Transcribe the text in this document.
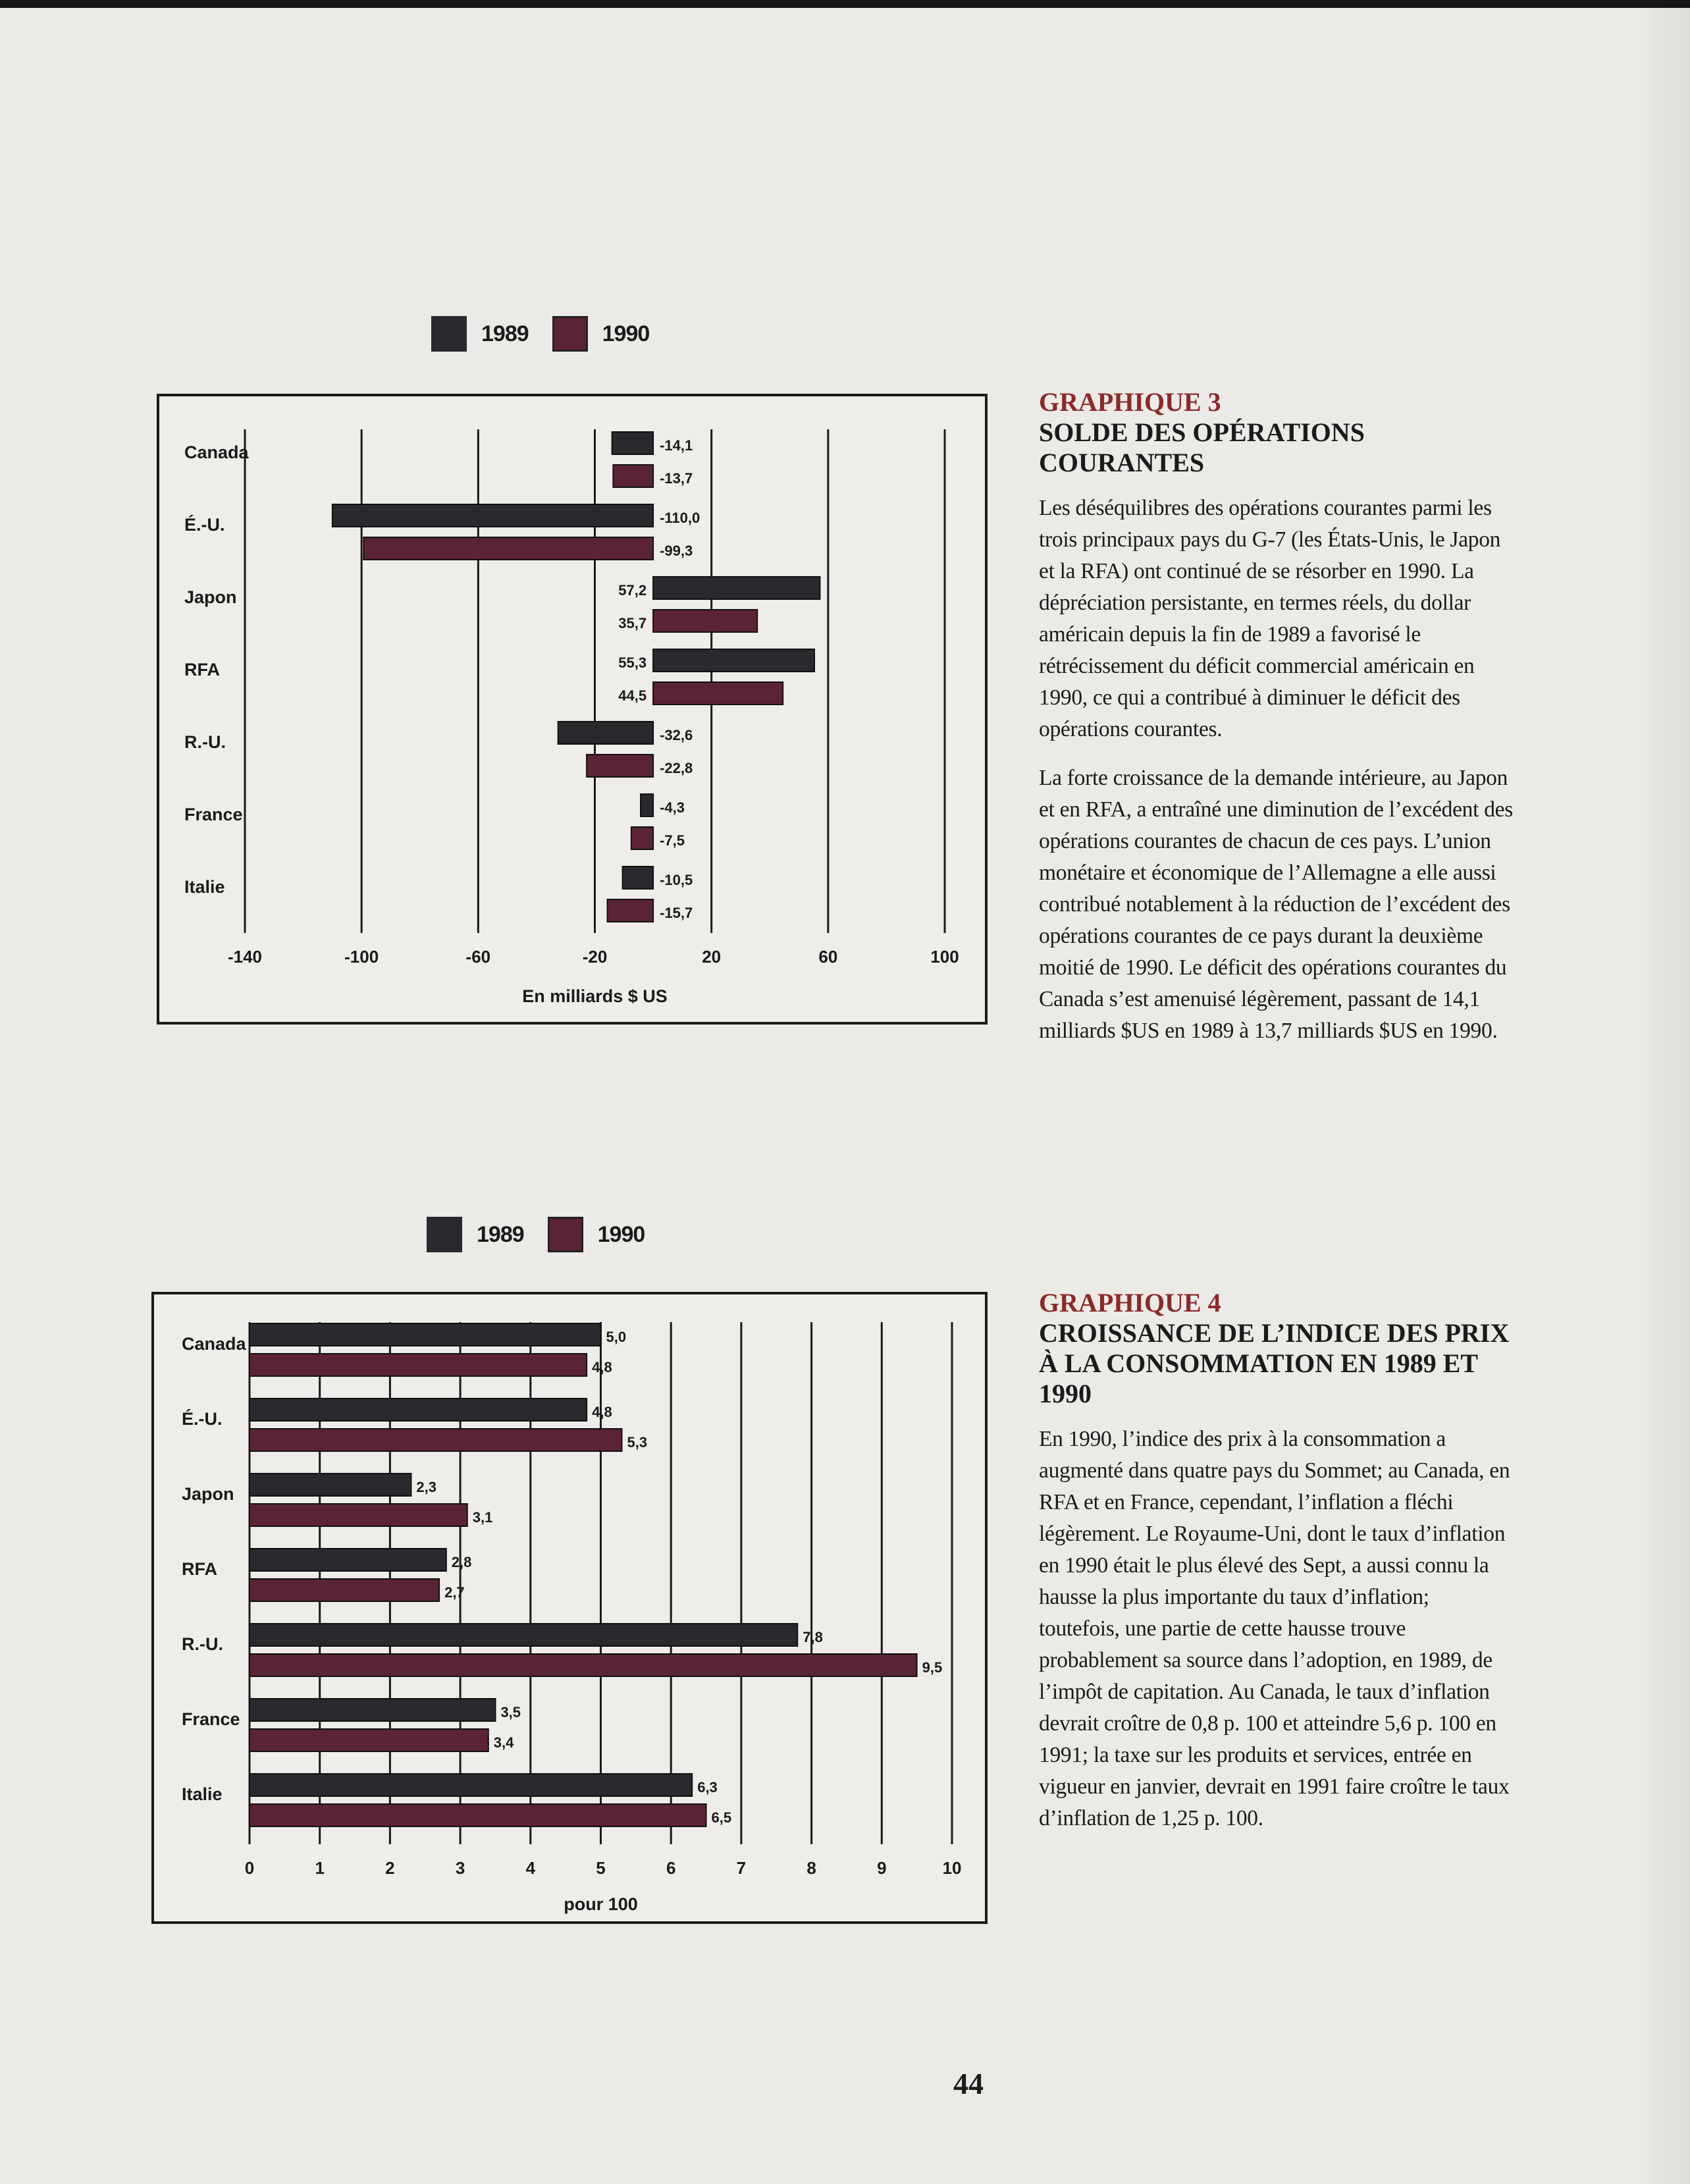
1989	1990
-140	-100	-60	-20	20	60	100
Canada	-14,1
-13,7
É.-U.	-110,0
-99,3
Japon	57,2
35,7
RFA	55,3
44,5
R.-U.	-32,6
-22,8
France	-4,3
-7,5
Italie	-10,5
-15,7
En milliards $ US
1989	1990
0	1	2	3	4	5	6	7	8	9	10
Canada	5,0
4,8
É.-U.	4,8
5,3
Japon	2,3
3,1
RFA	2,8
2,7
R.-U.	7,8
9,5
France	3,5
3,4
Italie	6,3
6,5
pour 100
GRAPHIQUE 3
SOLDE DES OPÉRATIONS COURANTES

Les déséquilibres des opérations courantes parmi les trois principaux pays du G-7 (les États-Unis, le Japon et la RFA) ont continué de se résorber en 1990. La dépréciation persistante, en termes réels, du dollar américain depuis la fin de 1989 a favorisé le rétrécissement du déficit commercial américain en 1990, ce qui a contribué à diminuer le déficit des opérations courantes.

La forte croissance de la demande intérieure, au Japon et en RFA, a entraîné une diminution de l’excédent des opérations courantes de chacun de ces pays. L’union monétaire et économique de l’Allemagne a elle aussi contribué notablement à la réduction de l’excédent des opérations courantes de ce pays durant la deuxième moitié de 1990. Le déficit des opérations courantes du Canada s’est amenuisé légèrement, passant de 14,1 milliards $US en 1989 à 13,7 milliards $US en 1990.

GRAPHIQUE 4
CROISSANCE DE L’INDICE DES PRIX À LA CONSOMMATION EN 1989 ET 1990

En 1990, l’indice des prix à la consommation a augmenté dans quatre pays du Sommet; au Canada, en RFA et en France, cependant, l’inflation a fléchi légèrement. Le Royaume-Uni, dont le taux d’inflation en 1990 était le plus élevé des Sept, a aussi connu la hausse la plus importante du taux d’inflation; toutefois, une partie de cette hausse trouve probablement sa source dans l’adoption, en 1989, de l’impôt de capitation. Au Canada, le taux d’inflation devrait croître de 0,8 p. 100 et atteindre 5,6 p. 100 en 1991; la taxe sur les produits et services, entrée en vigueur en janvier, devrait en 1991 faire croître le taux d’inflation de 1,25 p. 100.

44
